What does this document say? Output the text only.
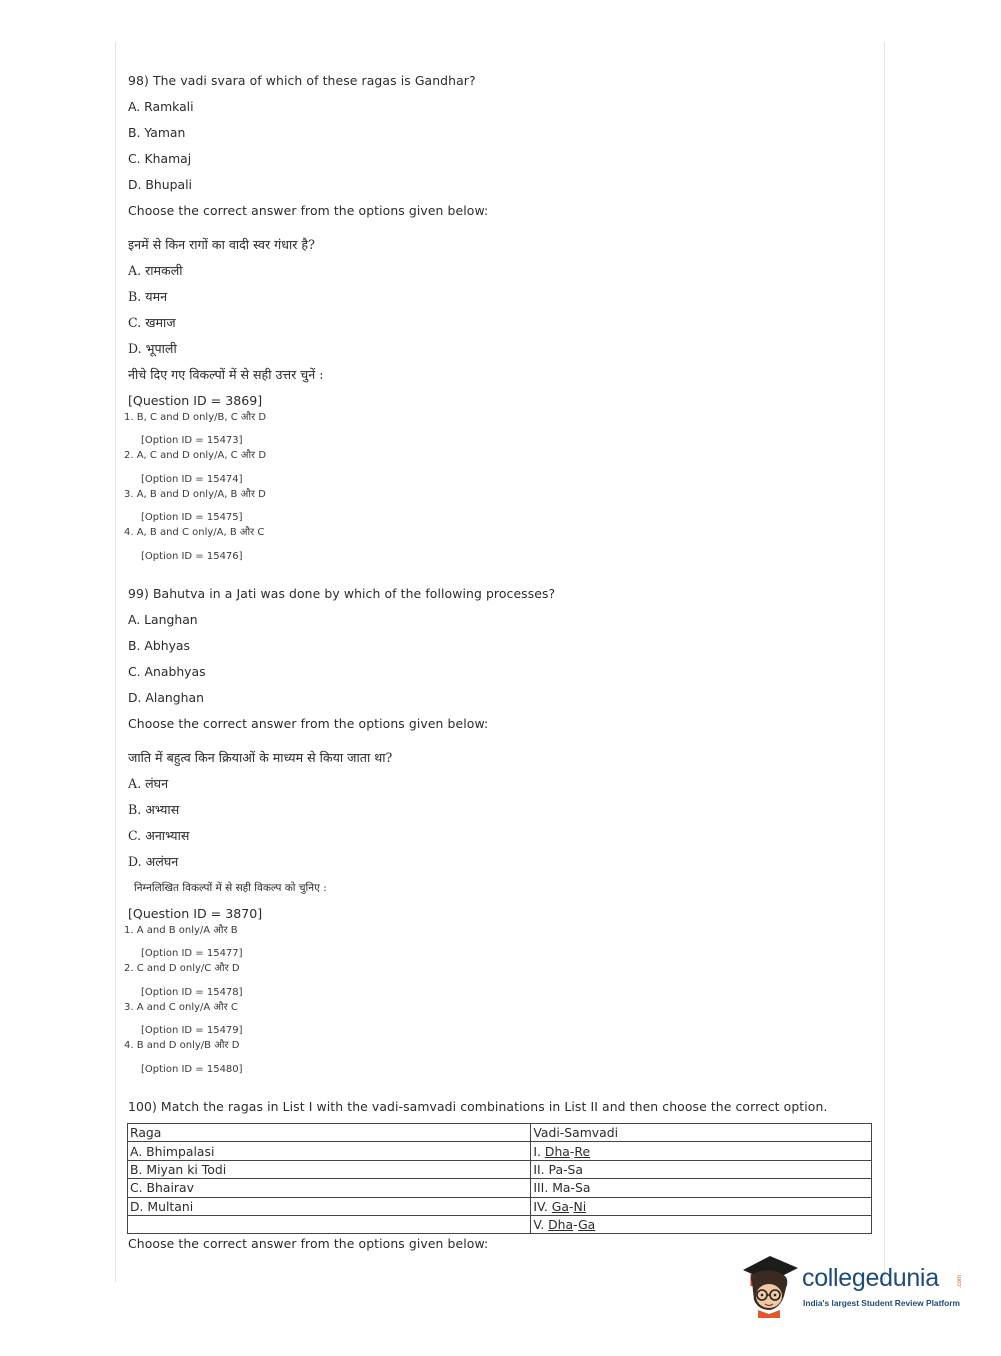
98) The vadi svara of which of these ragas is Gandhar?
A. Ramkali
B. Yaman
C. Khamaj
D. Bhupali
Choose the correct answer from the options given below:
इनमें से किन रागों का वादी स्वर गंधार है?
A. रामकली
B. यमन
C. खमाज
D. भूपाली
नीचे दिए गए विकल्पों में से सही उत्तर चुनें :
[Question ID = 3869]
1. B, C and D only/B, C और D
[Option ID = 15473]
2. A, C and D only/A, C और D
[Option ID = 15474]
3. A, B and D only/A, B और D
[Option ID = 15475]
4. A, B and C only/A, B और C
[Option ID = 15476]
99) Bahutva in a Jati was done by which of the following processes?
A. Langhan
B. Abhyas
C. Anabhyas
D. Alanghan
Choose the correct answer from the options given below:
जाति में बहुत्व किन क्रियाओं के माध्यम से किया जाता था?
A. लंघन
B. अभ्यास
C. अनाभ्यास
D. अलंघन
निम्नलिखित विकल्पों में से सही विकल्प को चुनिए :
[Question ID = 3870]
1. A and B only/A और B
[Option ID = 15477]
2. C and D only/C और D
[Option ID = 15478]
3. A and C only/A और C
[Option ID = 15479]
4. B and D only/B और D
[Option ID = 15480]
100) Match the ragas in List I with the vadi-samvadi combinations in List II and then choose the correct option.
Raga	Vadi-Samvadi
A. Bhimpalasi	I. Dha-Re
B. Miyan ki Todi	II. Pa-Sa
C. Bhairav	III. Ma-Sa
D. Multani	IV. Ga-Ni
	V. Dha-Ga
Choose the correct answer from the options given below:
collegedunia	.com
India's largest Student Review Platform
